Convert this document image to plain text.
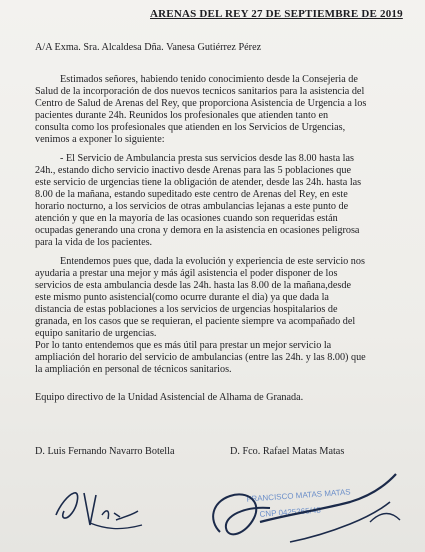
ARENAS DEL REY 27 DE SEPTIEMBRE DE 2019
A/A Exma. Sra. Alcaldesa Dña. Vanesa Gutiérrez Pérez
Estimados señores, habiendo tenido conocimiento desde la Consejeria de
Salud de la incorporación de dos nuevos tecnicos sanitarios para la asistencia del
Centro de Salud de Arenas del Rey, que proporciona Asistencia de Urgencia a los
pacientes durante 24h. Reunidos los profesionales que atienden tanto en
consulta como los profesionales que atienden en los Servicios de Urgencias,
venimos a exponer lo siguiente:
- El Servicio de Ambulancia presta sus servicios desde las 8.00 hasta las
24h., estando dicho servicio inactivo desde Arenas para las 5 poblaciones que
este servicio de urgencias tiene la obligación de atender, desde las 24h. hasta las
8.00 de la mañana, estando supeditado este centro de Arenas del Rey, en este
horario nocturno, a los servicios de otras ambulancias lejanas a este punto de
atención y que en la mayoría de las ocasiones cuando son requeridas están
ocupadas generando una crona y demora en la asistencia en ocasiones peligrosa
para la vida de los pacientes.
Entendemos pues que, dada la evolución y experiencia de este servicio nos
ayudaria a prestar una mejor y más ágil asistencia el poder disponer de los
servicios de esta ambulancia desde las 24h. hasta las 8.00 de la mañana,desde
este mismo punto asistencial(como ocurre durante el dia) ya que dada la
distancia de estas poblaciones a los servicios de urgencias hospitalarios de
granada, en los casos que se requieran, el paciente siempre va acompañado del
equipo sanitario de urgencias.
Por lo tanto entendemos que es más útil para prestar un mejor servicio la
ampliación del horario del servicio de ambulancias (entre las 24h. y las 8.00) que
la ampliación en personal de técnicos sanitarios.
Equipo directivo de la Unidad Asistencial de Alhama de Granada.
D. Luis Fernando Navarro Botella	D. Fco. Rafael Matas Matas
FRANCISCO MATAS MATAS
CNP 0425365/48
